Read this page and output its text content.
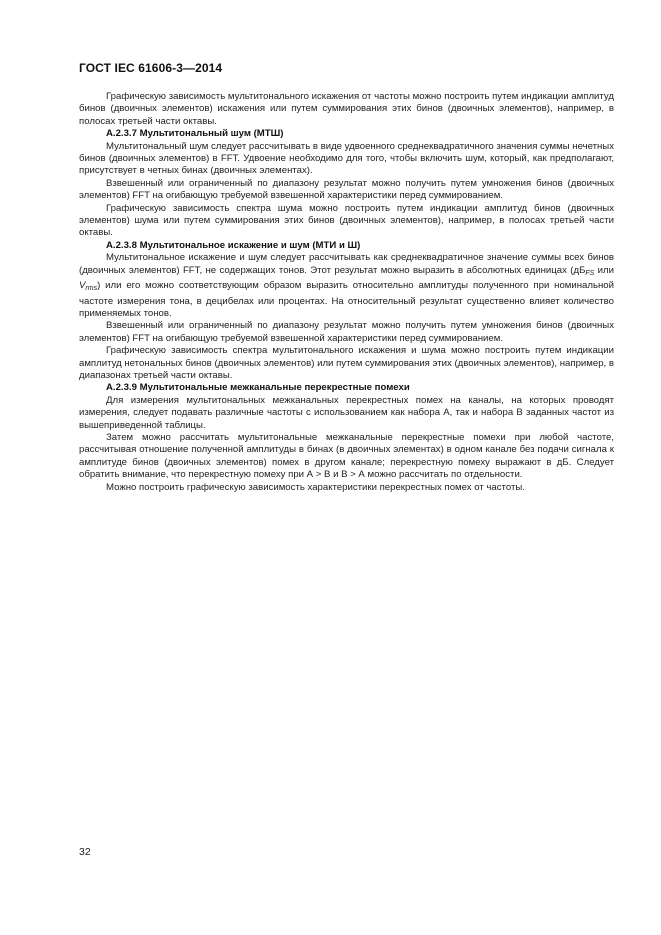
ГОСТ IEC 61606-3—2014

Графическую зависимость мультитонального искажения от частоты можно построить путем индикации амплитуд бинов (двоичных элементов) искажения или путем суммирования этих бинов (двоичных элементов), например, в полосах третьей части октавы.

А.2.3.7 Мультитональный шум (МТШ)

Мультитональный шум следует рассчитывать в виде удвоенного среднеквадратичного значения суммы нечетных бинов (двоичных элементов) в FFT. Удвоение необходимо для того, чтобы включить шум, который, как предполагают, присутствует в четных бинах (двоичных элементах).

Взвешенный или ограниченный по диапазону результат можно получить путем умножения бинов (двоичных элементов) FFT на огибающую требуемой взвешенной характеристики перед суммированием.

Графическую зависимость спектра шума можно построить путем индикации амплитуд бинов (двоичных элементов) шума или путем суммирования этих бинов (двоичных элементов), например, в полосах третьей части октавы.

А.2.3.8 Мультитональное искажение и шум (МТИ и Ш)

Мультитональное искажение и шум следует рассчитывать как среднеквадратичное значение суммы всех бинов (двоичных элементов) FFT, не содержащих тонов. Этот результат можно выразить в абсолютных единицах ($дБ_{FS}$ или $V_{rms}$) или его можно соответствующим образом выразить относительно амплитуды полученного при номинальной частоте измерения тона, в децибелах или процентах. На относительный результат существенно влияет количество применяемых тонов.

Взвешенный или ограниченный по диапазону результат можно получить путем умножения бинов (двоичных элементов) FFT на огибающую требуемой взвешенной характеристики перед суммированием.

Графическую зависимость спектра мультитонального искажения и шума можно построить путем индикации амплитуд нетональных бинов (двоичных элементов) или путем суммирования этих (двоичных элементов), например, в диапазонах третьей части октавы.

А.2.3.9 Мультитональные межканальные перекрестные помехи

Для измерения мультитональных межканальных перекрестных помех на каналы, на которых проводят измерения, следует подавать различные частоты с использованием как набора А, так и набора В заданных частот из вышеприведенной таблицы.

Затем можно рассчитать мультитональные межканальные перекрестные помехи при любой частоте, рассчитывая отношение полученной амплитуды в бинах (в двоичных элементах) в одном канале без подачи сигнала к амплитуде бинов (двоичных элементов) помех в другом канале; перекрестную помеху выражают в дБ. Следует обратить внимание, что перекрестную помеху при А > В и В > А можно рассчитать по отдельности.

Можно построить графическую зависимость характеристики перекрестных помех от частоты.

32
